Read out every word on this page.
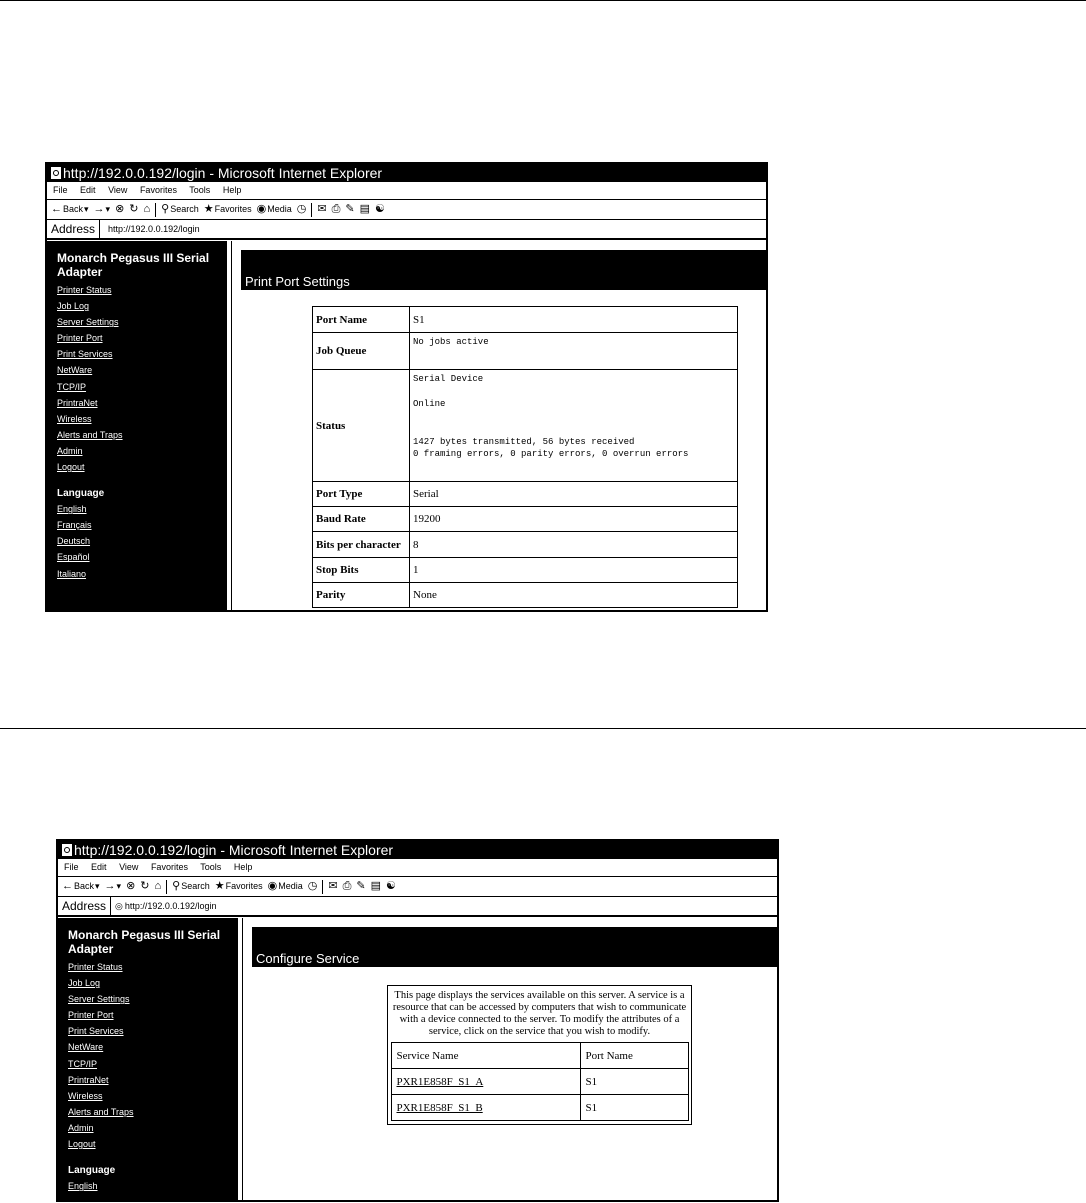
http://192.0.0.192/login - Microsoft Internet Explorer
File Edit View Favorites Tools Help
← Back ▾ → ▾ ⊗ ↻ ⌂ ⚲ Search ★ Favorites ◉ Media ◷ ✉ ⎙ ✎ ▤ ☯
Address	http://192.0.0.192/login
Monarch Pegasus III Serial Adapter
Printer Status
Job Log
Server Settings
Printer Port
Print Services
NetWare
TCP/IP
PrintraNet
Wireless
Alerts and Traps
Admin
Logout
Language
English
Français
Deutsch
Español
Italiano
Print Port Settings
Port Name	S1
Job Queue	No jobs active
Status	Serial Device

Online

1427 bytes transmitted, 56 bytes received
0 framing errors, 0 parity errors, 0 overrun errors
Port Type	Serial
Baud Rate	19200
Bits per character	8
Stop Bits	1
Parity	None
http://192.0.0.192/login - Microsoft Internet Explorer
File Edit View Favorites Tools Help
← Back ▾ → ▾ ⊗ ↻ ⌂ ⚲ Search ★ Favorites ◉ Media ◷ ✉ ⎙ ✎ ▤ ☯
Address	◎ http://192.0.0.192/login
Monarch Pegasus III Serial Adapter
Printer Status
Job Log
Server Settings
Printer Port
Print Services
NetWare
TCP/IP
PrintraNet
Wireless
Alerts and Traps
Admin
Logout
Language
English
Configure Service
This page displays the services available on this server. A service is a resource that can be accessed by computers that wish to communicate with a device connected to the server. To modify the attributes of a service, click on the service that you wish to modify.
Service Name	Port Name
PXR1E858F_S1_A	S1
PXR1E858F_S1_B	S1
